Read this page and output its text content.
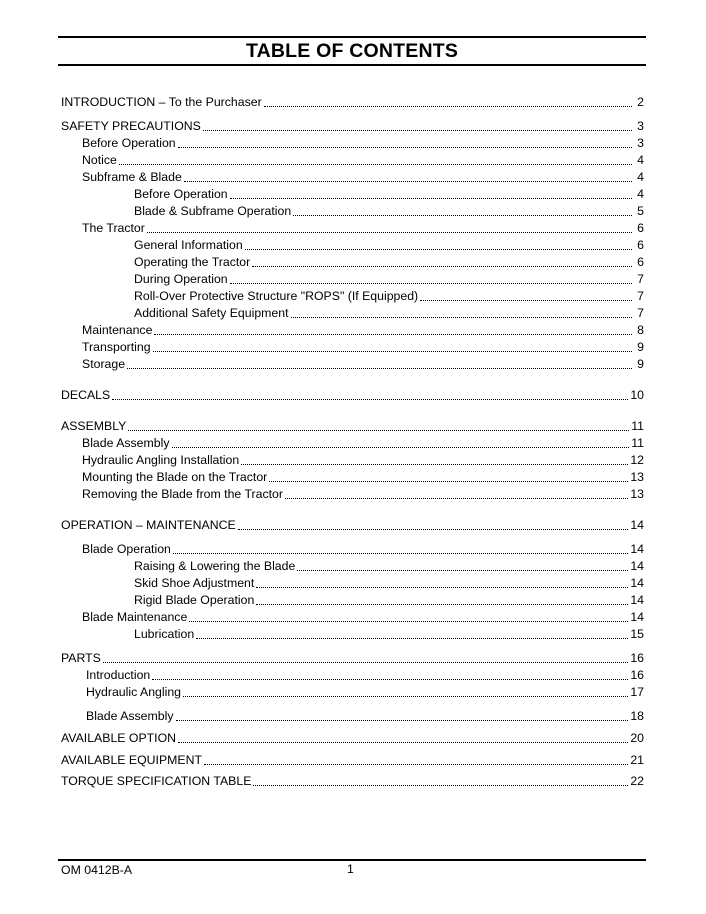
TABLE OF CONTENTS
INTRODUCTION – To the Purchaser	2
SAFETY PRECAUTIONS	3
Before Operation	3
Notice	4
Subframe & Blade	4
Before Operation	4
Blade & Subframe Operation	5
The Tractor	6
General Information	6
Operating the Tractor	6
During Operation	7
Roll-Over Protective Structure "ROPS" (If Equipped)	7
Additional Safety Equipment	7
Maintenance	8
Transporting	9
Storage	9
DECALS	10
ASSEMBLY	11
Blade Assembly	11
Hydraulic Angling Installation	12
Mounting the Blade on the Tractor	13
Removing the Blade from the Tractor	13
OPERATION – MAINTENANCE	14
Blade Operation	14
Raising & Lowering the Blade	14
Skid Shoe Adjustment	14
Rigid Blade Operation	14
Blade Maintenance	14
Lubrication	15
PARTS	16
Introduction	16
Hydraulic Angling	17
Blade Assembly	18
AVAILABLE OPTION	20
AVAILABLE EQUIPMENT	21
TORQUE SPECIFICATION TABLE	22
OM 0412B-A	1
